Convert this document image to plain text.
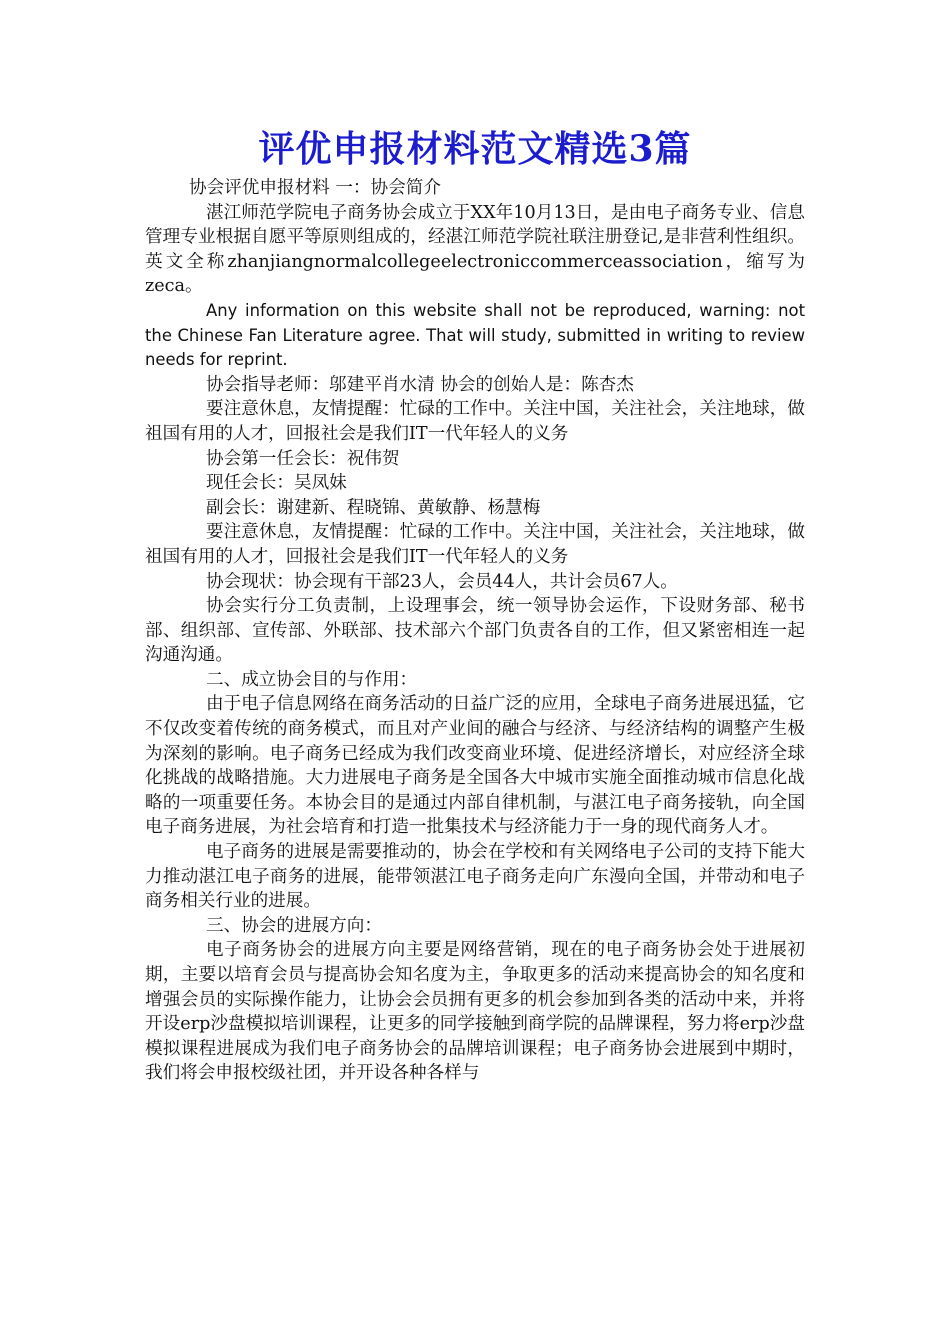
评优申报材料范文精选3篇

协会评优申报材料 一：协会简介

湛江师范学院电子商务协会成立于XX年10月13日，是由电子商务专业、信息管理专业根据自愿平等原则组成的，经湛江师范学院社联注册登记,是非营利性组织。英文全称zhanjiangnormalcollegeelectroniccommerceassociation，缩写为zeca。

Any information on this website shall not be reproduced, warning: not the Chinese Fan Literature agree. That will study, submitted in writing to review needs for reprint.

协会指导老师：邬建平肖水清 协会的创始人是：陈杏杰

要注意休息，友情提醒：忙碌的工作中。关注中国，关注社会，关注地球，做祖国有用的人才，回报社会是我们IT一代年轻人的义务

协会第一任会长：祝伟贺

现任会长：吴凤妹

副会长：谢建新、程晓锦、黄敏静、杨慧梅

要注意休息，友情提醒：忙碌的工作中。关注中国，关注社会，关注地球，做祖国有用的人才，回报社会是我们IT一代年轻人的义务

协会现状：协会现有干部23人，会员44人，共计会员67人。

协会实行分工负责制，上设理事会，统一领导协会运作，下设财务部、秘书部、组织部、宣传部、外联部、技术部六个部门负责各自的工作，但又紧密相连一起沟通沟通。

二、成立协会目的与作用：

由于电子信息网络在商务活动的日益广泛的应用，全球电子商务进展迅猛，它不仅改变着传统的商务模式，而且对产业间的融合与经济、与经济结构的调整产生极为深刻的影响。电子商务已经成为我们改变商业环境、促进经济增长，对应经济全球化挑战的战略措施。大力进展电子商务是全国各大中城市实施全面推动城市信息化战略的一项重要任务。本协会目的是通过内部自律机制，与湛江电子商务接轨，向全国电子商务进展，为社会培育和打造一批集技术与经济能力于一身的现代商务人才。

电子商务的进展是需要推动的，协会在学校和有关网络电子公司的支持下能大力推动湛江电子商务的进展，能带领湛江电子商务走向广东漫向全国，并带动和电子商务相关行业的进展。

三、协会的进展方向：

电子商务协会的进展方向主要是网络营销，现在的电子商务协会处于进展初期，主要以培育会员与提高协会知名度为主，争取更多的活动来提高协会的知名度和增强会员的实际操作能力，让协会会员拥有更多的机会参加到各类的活动中来，并将开设erp沙盘模拟培训课程，让更多的同学接触到商学院的品牌课程，努力将erp沙盘模拟课程进展成为我们电子商务协会的品牌培训课程；电子商务协会进展到中期时，我们将会申报校级社团，并开设各种各样与
